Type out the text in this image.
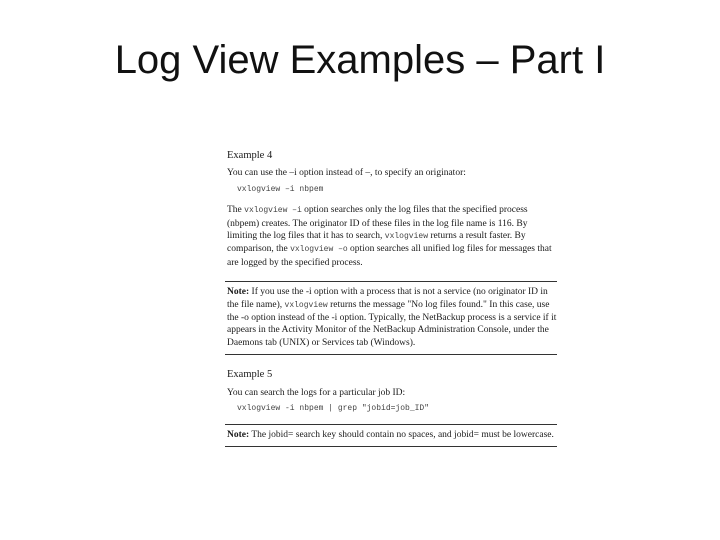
Log View Examples – Part I
Example 4
You can use the –i option instead of –, to specify an originator:
vxlogview –i nbpem
The vxlogview –i option searches only the log files that the specified process (nbpem) creates. The originator ID of these files in the log file name is 116. By limiting the log files that it has to search, vxlogview returns a result faster. By comparison, the vxlogview –o option searches all unified log files for messages that are logged by the specified process.
Note: If you use the -i option with a process that is not a service (no originator ID in the file name), vxlogview returns the message "No log files found." In this case, use the -o option instead of the -i option. Typically, the NetBackup process is a service if it appears in the Activity Monitor of the NetBackup Administration Console, under the Daemons tab (UNIX) or Services tab (Windows).
Example 5
You can search the logs for a particular job ID:
vxlogview -i nbpem | grep "jobid=job_ID"
Note: The jobid= search key should contain no spaces, and jobid= must be lowercase.
